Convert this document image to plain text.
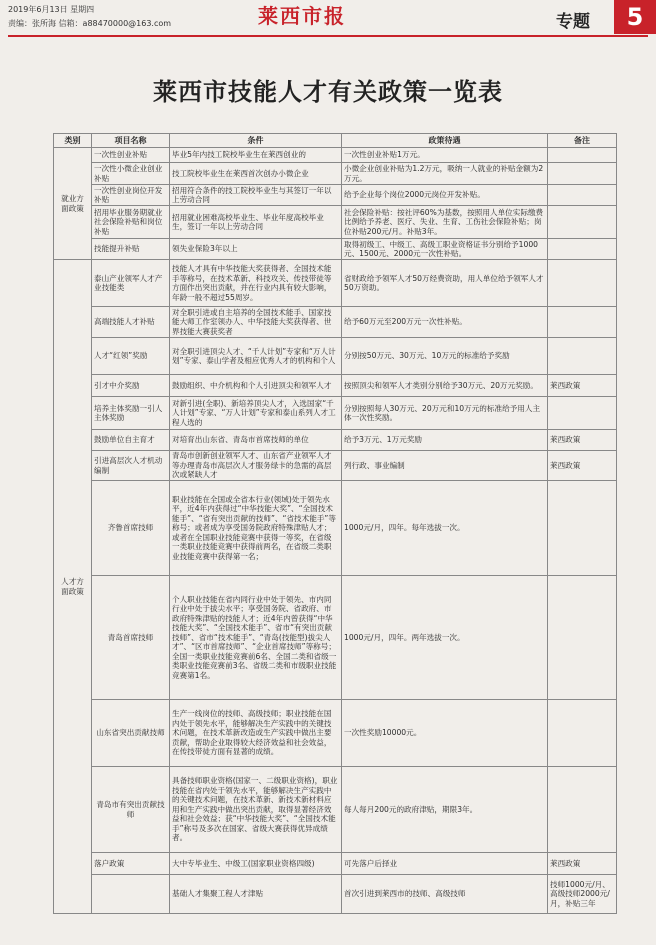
2019年6月13日 星期四
责编：张所海 信箱：a88470000@163.com	莱西市报	专题	5
莱西市技能人才有关政策一览表
类别	项目名称	条件	政策待遇	备注	
就业方面政策	一次性创业补贴	毕业5年内技工院校毕业生在莱西创业的	一次性创业补贴1万元。		
	一次性小微企业创业补贴	技工院校毕业生在莱西首次创办小微企业	小微企业创业补贴为1.2万元，吸纳一人就业的补贴金额为2万元。		
	一次性创业岗位开发补贴	招用符合条件的技工院校毕业生与其签订一年以上劳动合同	给予企业每个岗位2000元岗位开发补贴。		
	招用毕业服务期就业社会保险补贴和岗位补贴	招用就业困难高校毕业生、毕业年度高校毕业生，签订一年以上劳动合同	社会保险补贴：按社评60%为基数，按照用人单位实际缴费比例给予养老、医疗、失业、生育、工伤社会保险补贴；岗位补贴200元/月。补贴3年。		
	技能提升补贴	领失业保险3年以上	取得初级工、中级工、高级工职业资格证书分别给予1000元、1500元、2000元一次性补贴。		
人才方面政策	泰山产业领军人才产业技能类	技能人才具有中华技能大奖获得者、全国技术能手等称号，在技术革新、科技攻关、传技带徒等方面作出突出贡献，并在行业内具有较大影响，年龄一般不超过55周岁。	省财政给予领军人才50万经费资助，用人单位给予领军人才50万资助。		
	高端技能人才补贴	对全职引进或自主培养的全国技术能手、国家技能大师工作室领办人、中华技能大奖获得者、世界技能大赛获奖者	给予60万元至200万元一次性补贴。		
	人才“红领”奖励	对全职引进顶尖人才、“千人计划”专家和“万人计划”专家、泰山学者及相应优秀人才的机构和个人	分别按50万元、30万元、10万元的标准给予奖励		
	引才中介奖励	鼓励组织、中介机构和个人引进顶尖和领军人才	按照顶尖和领军人才类别分别给予30万元、20万元奖励。	莱西政策	
	培养主体奖励一引人主体奖励	对新引进(全职)、新培养顶尖人才，入选国家“千人计划”专家、“万人计划”专家和泰山系列人才工程人选的	分别按照每人30万元、20万元和10万元的标准给予用人主体一次性奖励。		
	鼓励单位自主育才	对培育出山东省、青岛市首席技师的单位	给予3万元、1万元奖励	莱西政策	
	引进高层次人才机动编制	青岛市创新创业领军人才、山东省产业领军人才等办理青岛市高层次人才服务绿卡的急需的高层次或紧缺人才	列行政、事业编制	莱西政策	
	齐鲁首席技师	职业技能在全国或全省本行业(领域)处于领先水平，近4年内获得过“中华技能大奖”、“全国技术能手”、“省有突出贡献的技师”、“省技术能手”等称号；或者成为享受国务院政府特殊津贴人才；或者在全国职业技能竞赛中获得一等奖，在省级一类职业技能竞赛中获得前两名，在省级二类职业技能竞赛中获得第一名；	1000元/月，四年。每年选拔一次。		
	青岛首席技师	个人职业技能在省内同行业中处于领先、市内同行业中处于拔尖水平；享受国务院、省政府、市政府特殊津贴的技能人才；近4年内曾获得“中华技能大奖”、“全国技术能手”、省市“有突出贡献技师”、省市“技术能手”、“青岛(技能型)拔尖人才”、“区市首席技师”、“企业首席技师”等称号；全国一类职业技能竞赛前6名、全国二类和省级一类职业技能竞赛前3名、省级二类和市级职业技能竞赛第1名。	1000元/月，四年。两年选拔一次。		
	山东省突出贡献技师	生产一线岗位的技师、高级技师；职业技能在国内处于领先水平，能够解决生产实践中的关键技术问题，在技术革新改造或生产实践中做出主要贡献，帮助企业取得较大经济效益和社会效益，在传技带徒方面有显著的成绩。	一次性奖励10000元。		
	青岛市有突出贡献技师	具备技师职业资格(国家一、二级职业资格)，职业技能在省内处于领先水平，能够解决生产实践中的关键技术问题，在技术革新、新技术新材料应用和生产实践中做出突出贡献，取得显著经济效益和社会效益；获“中华技能大奖”、“全国技术能手”称号及多次在国家、省级大赛获得优异成绩者。	每人每月200元的政府津贴，期限3年。		
	落户政策	大中专毕业生、中级工(国家职业资格四级)	可先落户后择业	莱西政策	
		基础人才集聚工程人才津贴	首次引进到莱西市的技师、高级技师	技师1000元/月、高级技师2000元/月，补贴三年	
